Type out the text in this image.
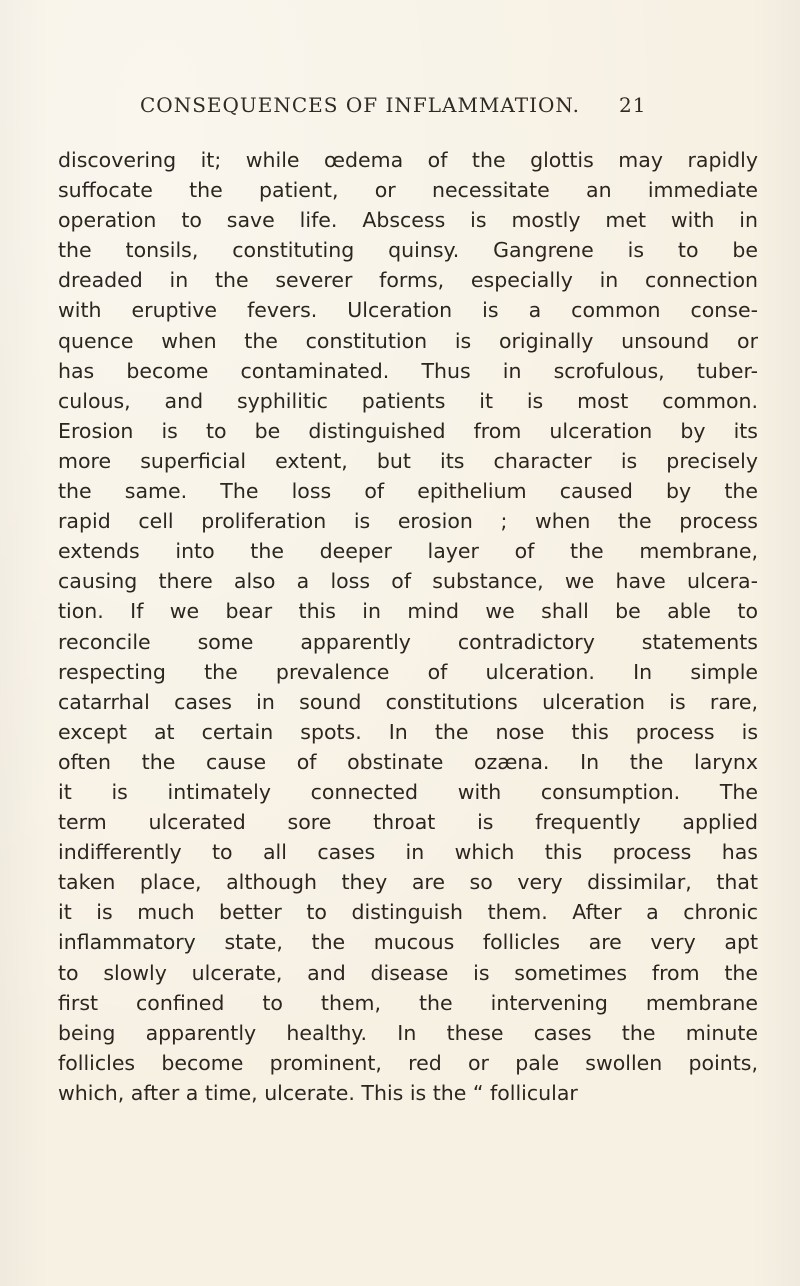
CONSEQUENCES OF INFLAMMATION. 21
discovering it; while œdema of the glottis may rapidly
suffocate the patient, or necessitate an immediate
operation to save life. Abscess is mostly met with in
the tonsils, constituting quinsy. Gangrene is to be
dreaded in the severer forms, especially in connection
with eruptive fevers. Ulceration is a common conse-
quence when the constitution is originally unsound or
has become contaminated. Thus in scrofulous, tuber-
culous, and syphilitic patients it is most common.
Erosion is to be distinguished from ulceration by its
more superficial extent, but its character is precisely
the same. The loss of epithelium caused by the
rapid cell proliferation is erosion ; when the process
extends into the deeper layer of the membrane,
causing there also a loss of substance, we have ulcera-
tion. If we bear this in mind we shall be able to
reconcile some apparently contradictory statements
respecting the prevalence of ulceration. In simple
catarrhal cases in sound constitutions ulceration is rare,
except at certain spots. In the nose this process is
often the cause of obstinate ozæna. In the larynx
it is intimately connected with consumption. The
term ulcerated sore throat is frequently applied
indifferently to all cases in which this process has
taken place, although they are so very dissimilar, that
it is much better to distinguish them. After a chronic
inflammatory state, the mucous follicles are very apt
to slowly ulcerate, and disease is sometimes from the
first confined to them, the intervening membrane
being apparently healthy. In these cases the minute
follicles become prominent, red or pale swollen points,
which, after a time, ulcerate. This is the “ follicular
